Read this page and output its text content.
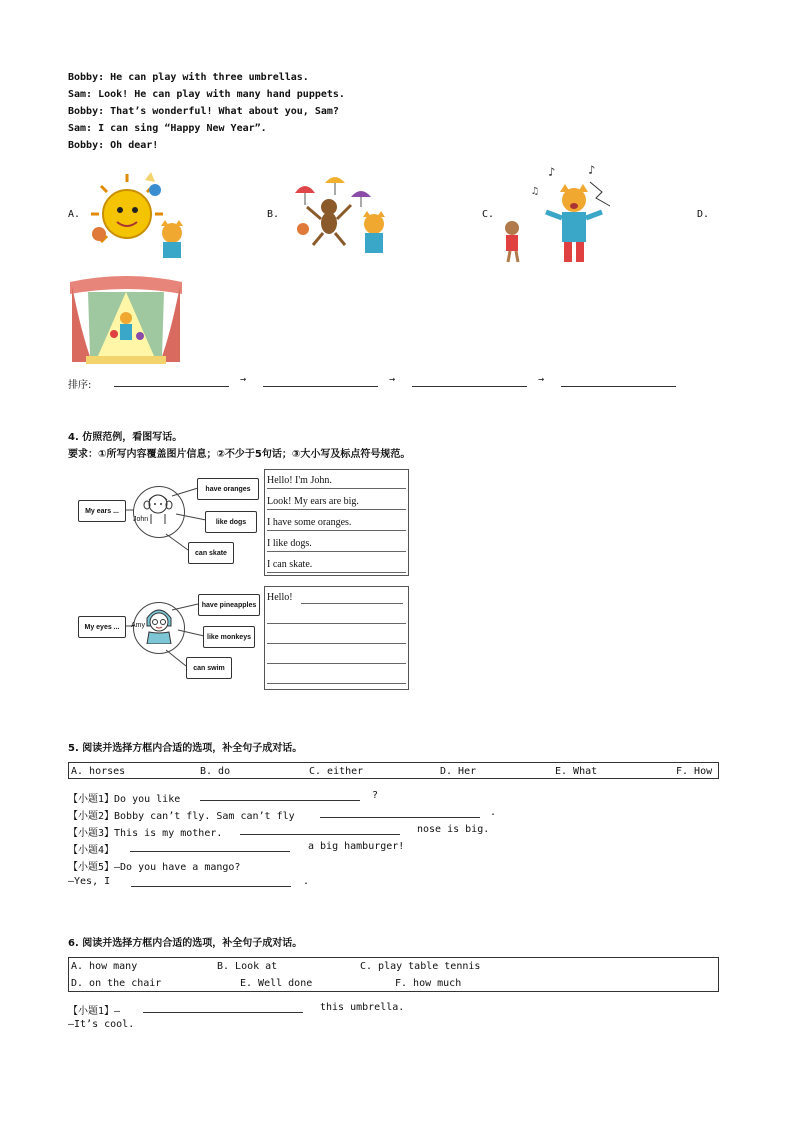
Bobby: He can play with three umbrellas.
Sam: Look! He can play with many hand puppets.
Bobby: That’s wonderful! What about you, Sam?
Sam: I can sing “Happy New Year”.
Bobby: Oh dear!
A.	B.	C.	D.
♪	♪
♫
排序:
→	→	→
4. 仿照范例，看图写话。
要求：①所写内容覆盖图片信息；②不少于5句话；③大小写及标点符号规范。
My ears ...
John
have oranges
like dogs
can skate
Hello! I'm John.
Look! My ears are big.
I have some oranges.
I like dogs.
I can skate.
My eyes ...	Amy
have pineapples
like monkeys
can swim
Hello!
5. 阅读并选择方框内合适的选项，补全句子成对话。
A. horses	B. do	C. either	D. Her	E. What	F. How
【小题1】Do you like	?
【小题2】Bobby can’t fly. Sam can’t fly	.
【小题3】This is my mother.	nose is big.
【小题4】	a big hamburger!
【小题5】—Do you have a mango?
—Yes, I	.
6. 阅读并选择方框内合适的选项，补全句子成对话。
A. how many	B. Look at	C. play table tennis
D. on the chair	E. Well done	F. how much
【小题1】—	this umbrella.
—It’s cool.
